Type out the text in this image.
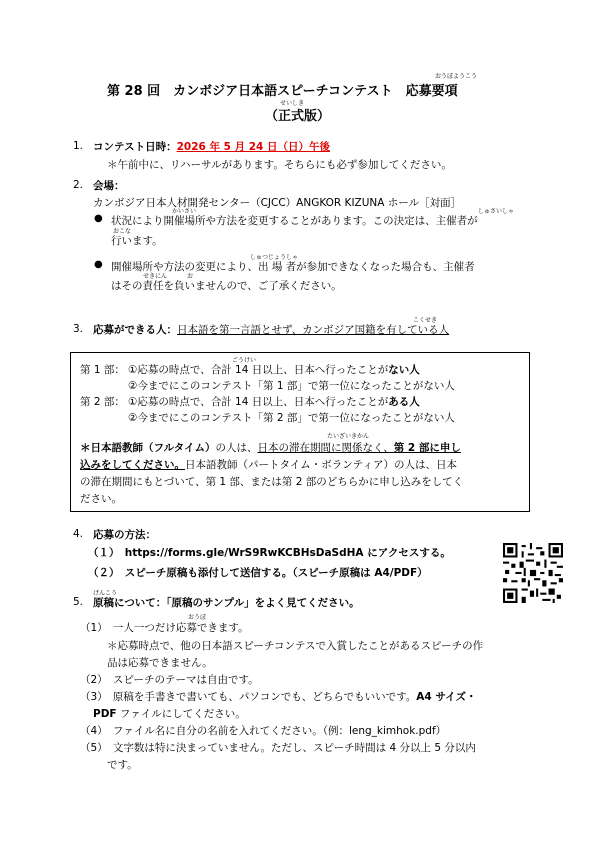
おうぼようこう
第 28 回　カンボジア日本語スピーチコンテスト　応募要項
せいしき
（正式版）
1. コンテスト日時：2026 年 5 月 24 日（日）午後
＊午前中に、リハーサルがあります。そちらにも必ず参加してください。
2. 会場：
カンボジア日本人材開発センター（CJCC）ANGKOR KIZUNA ホール［対面］
かいさい	しゅさいしゃ
● 状況により開催場所や方法を変更することがあります。この決定は、主催者が
おこな
行います。
しゅつじょうしゃ
● 開催場所や方法の変更により、出 場 者が参加できなくなった場合も、主催者
せきにん	お
はその責任を負いませんので、ご了承ください。
こくせき
3. 応募ができる人：日本語を第一言語とせず、カンボジア国籍を有している人
ごうけい
第 1 部： ①応募の時点で、合計 14 日以上、日本へ行ったことがない人
②今までにこのコンテスト「第 1 部」で第一位になったことがない人
第 2 部： ①応募の時点で、合計 14 日以上、日本へ行ったことがある人
②今までにこのコンテスト「第 2 部」で第一位になったことがない人
たいざいきかん
＊日本語教師（フルタイム）の人は、日本の滞在期間に関係なく、第 2 部に申し
込みをしてください。日本語教師（パートタイム・ボランティア）の人は、日本
の滞在期間にもとづいて、第 1 部、または第 2 部のどちらかに申し込みをしてく
ださい。
4. 応募の方法：
（１）　https://forms.gle/WrS9RwKCBHsDaSdHA にアクセスする。
（２）　スピーチ原稿も添付して送信する。（スピーチ原稿は A4/PDF）
げんこう
5. 原稿について：「原稿のサンプル」をよく見てください。
おうぼ
（1）　一人一つだけ応募できます。
＊応募時点で、他の日本語スピーチコンテスで入賞したことがあるスピーチの作
品は応募できません。
（2）　スピーチのテーマは自由です。
（3）　原稿を手書きで書いても、パソコンでも、どちらでもいいです。A4 サイズ・
PDF ファイルにしてください。
（4）　ファイル名に自分の名前を入れてください。（例：leng_kimhok.pdf）
（5）　文字数は特に決まっていません。ただし、スピーチ時間は 4 分以上 5 分以内
です。
